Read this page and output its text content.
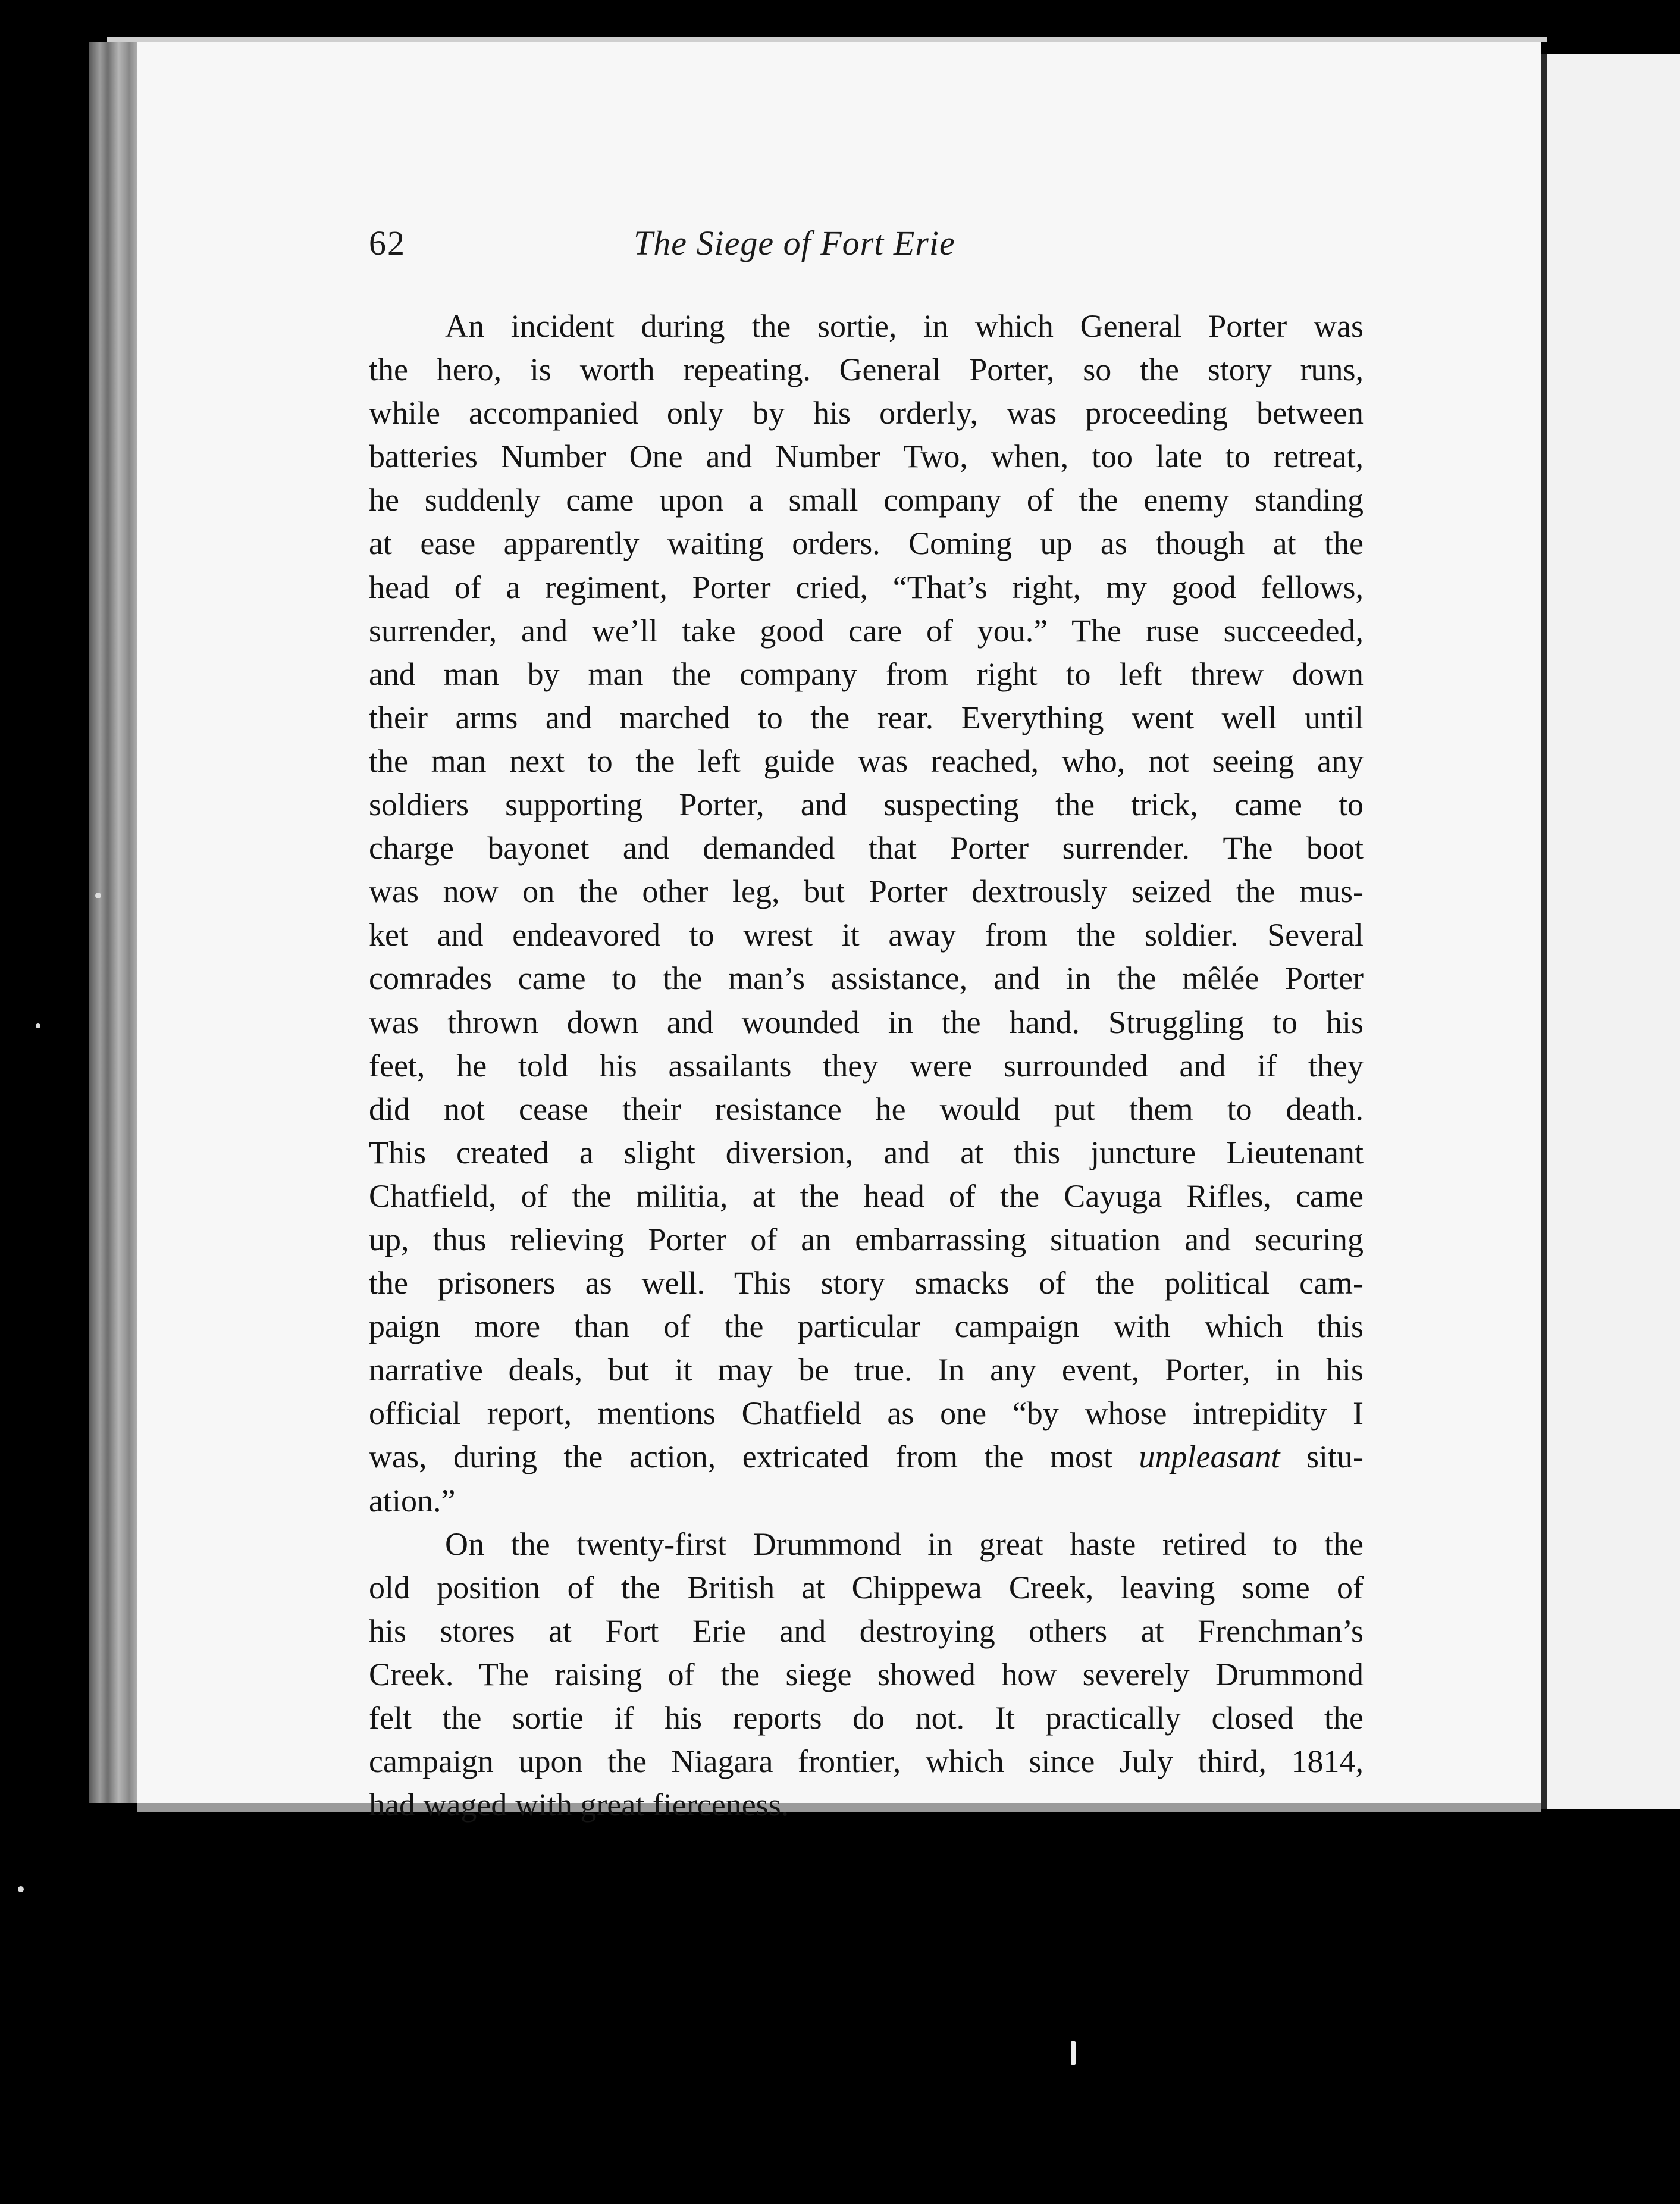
62	The Siege of Fort Erie

An incident during the sortie, in which General Porter was
the hero, is worth repeating. General Porter, so the story runs,
while accompanied only by his orderly, was proceeding between
batteries Number One and Number Two, when, too late to retreat,
he suddenly came upon a small company of the enemy standing
at ease apparently waiting orders. Coming up as though at the
head of a regiment, Porter cried, “That’s right, my good fellows,
surrender, and we’ll take good care of you.” The ruse succeeded,
and man by man the company from right to left threw down
their arms and marched to the rear. Everything went well until
the man next to the left guide was reached, who, not seeing any
soldiers supporting Porter, and suspecting the trick, came to
charge bayonet and demanded that Porter surrender. The boot
was now on the other leg, but Porter dextrously seized the mus-
ket and endeavored to wrest it away from the soldier. Several
comrades came to the man’s assistance, and in the mêlée Porter
was thrown down and wounded in the hand. Struggling to his
feet, he told his assailants they were surrounded and if they
did not cease their resistance he would put them to death.
This created a slight diversion, and at this juncture Lieutenant
Chatfield, of the militia, at the head of the Cayuga Rifles, came
up, thus relieving Porter of an embarrassing situation and securing
the prisoners as well. This story smacks of the political cam-
paign more than of the particular campaign with which this
narrative deals, but it may be true. In any event, Porter, in his
official report, mentions Chatfield as one “by whose intrepidity I
was, during the action, extricated from the most unpleasant situ-
ation.”

On the twenty-first Drummond in great haste retired to the
old position of the British at Chippewa Creek, leaving some of
his stores at Fort Erie and destroying others at Frenchman’s
Creek. The raising of the siege showed how severely Drummond
felt the sortie if his reports do not. It practically closed the
campaign upon the Niagara frontier, which since July third, 1814,
had waged with great fierceness.
